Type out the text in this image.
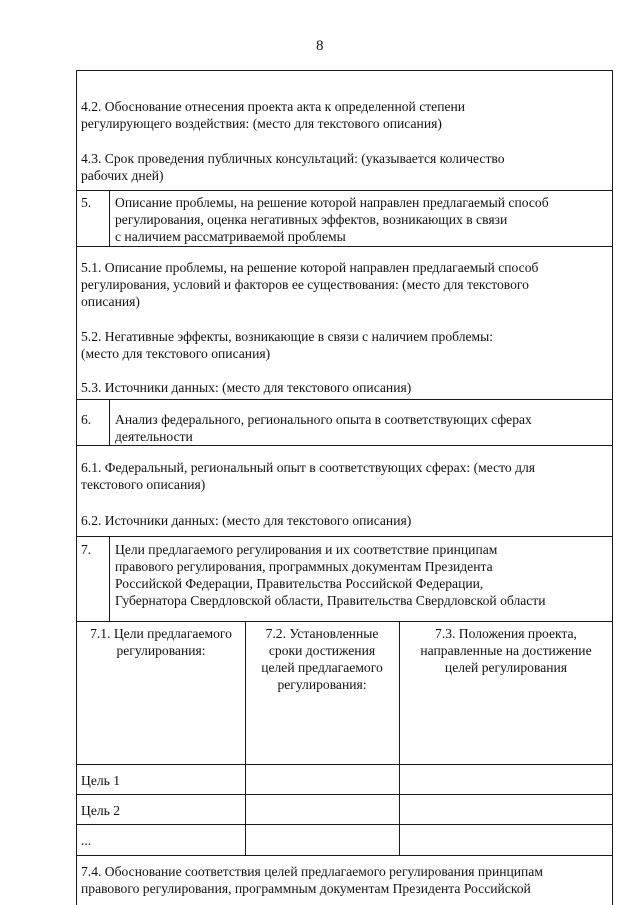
8
4.2. Обоснование отнесения проекта акта к определенной степени
регулирующего воздействия: (место для текстового описания)
4.3. Срок проведения публичных консультаций: (указывается количество
рабочих дней)
5. Описание проблемы, на решение которой направлен предлагаемый способ
регулирования, оценка негативных эффектов, возникающих в связи
с наличием рассматриваемой проблемы
5.1. Описание проблемы, на решение которой направлен предлагаемый способ
регулирования, условий и факторов ее существования: (место для текстового
описания)
5.2. Негативные эффекты, возникающие в связи с наличием проблемы:
(место для текстового описания)
5.3. Источники данных: (место для текстового описания)
6. Анализ федерального, регионального опыта в соответствующих сферах
деятельности
6.1. Федеральный, региональный опыт в соответствующих сферах: (место для
текстового описания)
6.2. Источники данных: (место для текстового описания)
7. Цели предлагаемого регулирования и их соответствие принципам
правового регулирования, программных документам Президента
Российской Федерации, Правительства Российской Федерации,
Губернатора Свердловской области, Правительства Свердловской области
7.1. Цели предлагаемого
регулирования:
7.2. Установленные
сроки достижения
целей предлагаемого
регулирования:
7.3. Положения проекта,
направленные на достижение
целей регулирования
Цель 1
Цель 2
...
7.4. Обоснование соответствия целей предлагаемого регулирования принципам
правового регулирования, программным документам Президента Российской
